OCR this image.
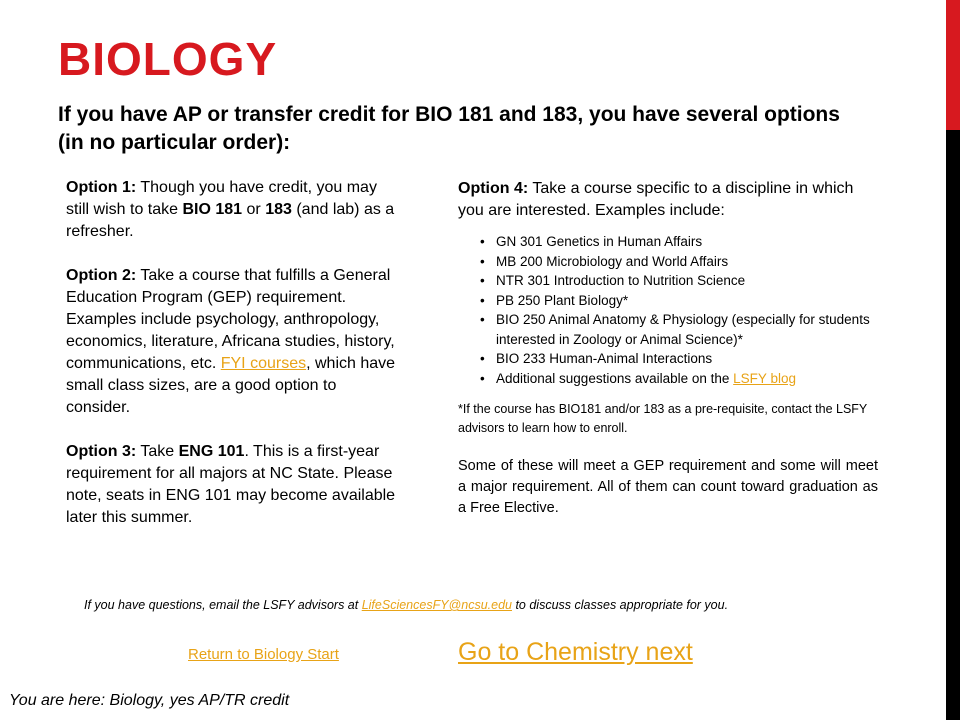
BIOLOGY
If you have AP or transfer credit for BIO 181 and 183, you have several options (in no particular order):

Option 1: Though you have credit, you may still wish to take BIO 181 or 183 (and lab) as a refresher.

Option 2: Take a course that fulfills a General Education Program (GEP) requirement. Examples include psychology, anthropology, economics, literature, Africana studies, history, communications, etc. FYI courses, which have small class sizes, are a good option to consider.

Option 3: Take ENG 101. This is a first-year requirement for all majors at NC State. Please note, seats in ENG 101 may become available later this summer.

Option 4: Take a course specific to a discipline in which you are interested. Examples include:

• GN 301 Genetics in Human Affairs
• MB 200 Microbiology and World Affairs
• NTR 301 Introduction to Nutrition Science
• PB 250 Plant Biology*
• BIO 250 Animal Anatomy & Physiology (especially for students interested in Zoology or Animal Science)*
• BIO 233 Human-Animal Interactions
• Additional suggestions available on the LSFY blog

*If the course has BIO181 and/or 183 as a pre-requisite, contact the LSFY advisors to learn how to enroll.

Some of these will meet a GEP requirement and some will meet a major requirement. All of them can count toward graduation as a Free Elective.

If you have questions, email the LSFY advisors at LifeSciencesFY@ncsu.edu to discuss classes appropriate for you.
Return to Biology Start	Go to Chemistry next
You are here: Biology, yes AP/TR credit
